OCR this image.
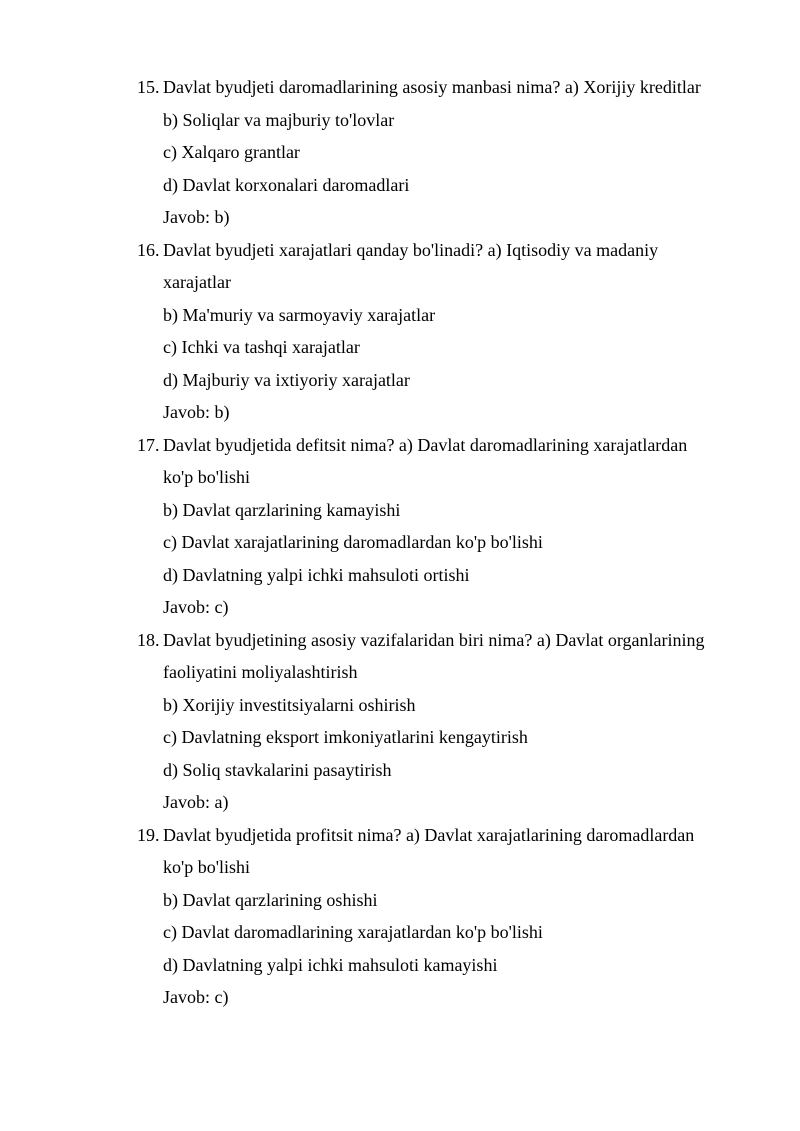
15. Davlat byudjeti daromadlarining asosiy manbasi nima? a) Xorijiy kreditlar
b) Soliqlar va majburiy to'lovlar
c) Xalqaro grantlar
d) Davlat korxonalari daromadlari
Javob: b)
16. Davlat byudjeti xarajatlari qanday bo'linadi? a) Iqtisodiy va madaniy
xarajatlar
b) Ma'muriy va sarmoyaviy xarajatlar
c) Ichki va tashqi xarajatlar
d) Majburiy va ixtiyoriy xarajatlar
Javob: b)
17. Davlat byudjetida defitsit nima? a) Davlat daromadlarining xarajatlardan
ko'p bo'lishi
b) Davlat qarzlarining kamayishi
c) Davlat xarajatlarining daromadlardan ko'p bo'lishi
d) Davlatning yalpi ichki mahsuloti ortishi
Javob: c)
18. Davlat byudjetining asosiy vazifalaridan biri nima? a) Davlat organlarining
faoliyatini moliyalashtirish
b) Xorijiy investitsiyalarni oshirish
c) Davlatning eksport imkoniyatlarini kengaytirish
d) Soliq stavkalarini pasaytirish
Javob: a)
19. Davlat byudjetida profitsit nima? a) Davlat xarajatlarining daromadlardan
ko'p bo'lishi
b) Davlat qarzlarining oshishi
c) Davlat daromadlarining xarajatlardan ko'p bo'lishi
d) Davlatning yalpi ichki mahsuloti kamayishi
Javob: c)
